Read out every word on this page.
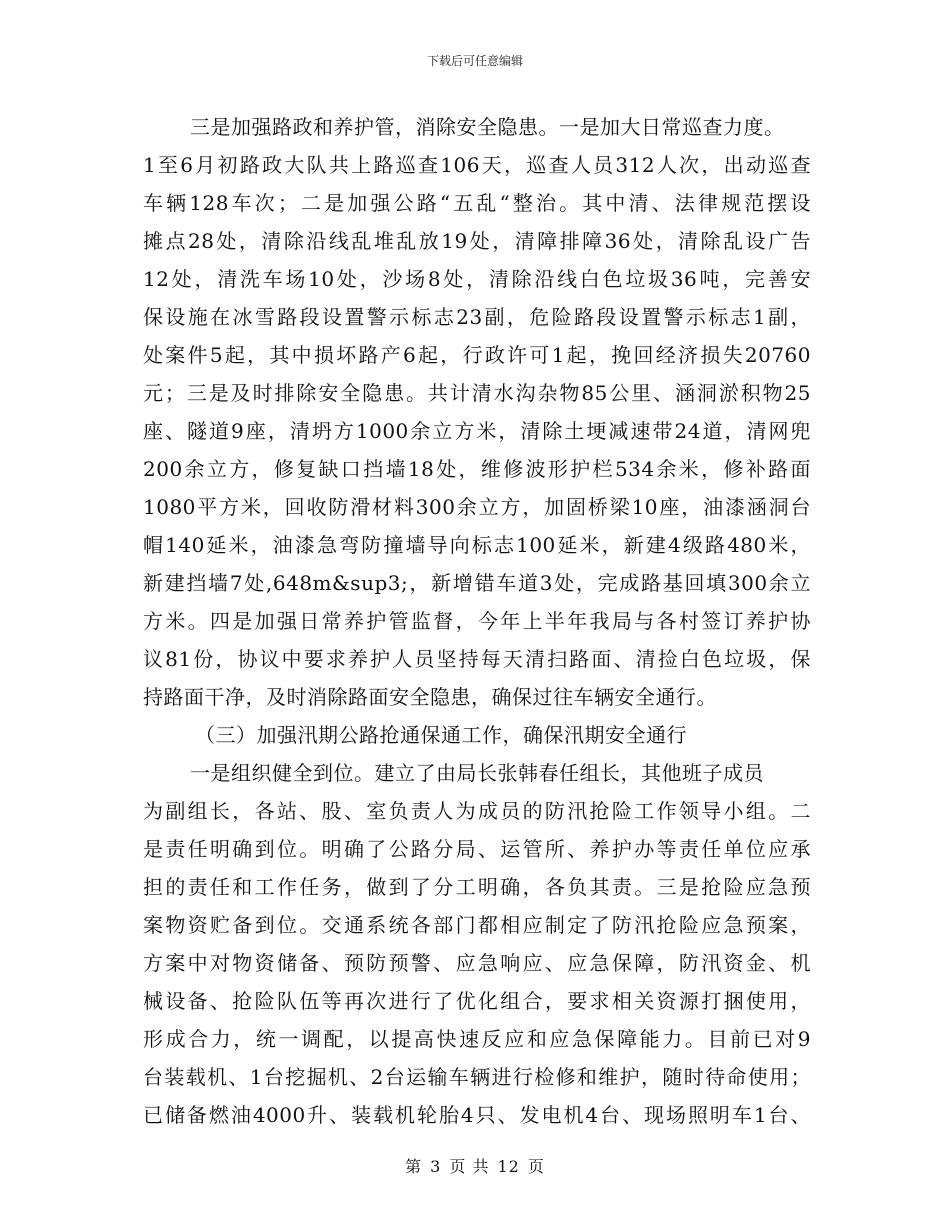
下载后可任意编辑
三是加强路政和养护管，消除安全隐患。一是加大日常巡查力度。
1至6月初路政大队共上路巡查106天，巡查人员312人次，出动巡查
车辆128车次；二是加强公路“五乱“整治。其中清、法律规范摆设
摊点28处，清除沿线乱堆乱放19处，清障排障36处，清除乱设广告
12处，清洗车场10处，沙场8处，清除沿线白色垃圾36吨，完善安
保设施在冰雪路段设置警示标志23副，危险路段设置警示标志1副，
处案件5起，其中损坏路产6起，行政许可1起，挽回经济损失20760
元；三是及时排除安全隐患。共计清水沟杂物85公里、涵洞淤积物25
座、隧道9座，清坍方1000余立方米，清除土埂减速带24道，清网兜
200余立方，修复缺口挡墙18处，维修波形护栏534余米，修补路面
1080平方米，回收防滑材料300余立方，加固桥梁10座，油漆涵洞台
帽140延米，油漆急弯防撞墙导向标志100延米，新建4级路480米，
新建挡墙7处,648m&sup3;，新增错车道3处，完成路基回填300余立
方米。四是加强日常养护管监督，今年上半年我局与各村签订养护协
议81份，协议中要求养护人员坚持每天清扫路面、清捡白色垃圾，保
持路面干净，及时消除路面安全隐患，确保过往车辆安全通行。
（三）加强汛期公路抢通保通工作，确保汛期安全通行
一是组织健全到位。建立了由局长张韩春任组长，其他班子成员
为副组长，各站、股、室负责人为成员的防汛抢险工作领导小组。二
是责任明确到位。明确了公路分局、运管所、养护办等责任单位应承
担的责任和工作任务，做到了分工明确，各负其责。三是抢险应急预
案物资贮备到位。交通系统各部门都相应制定了防汛抢险应急预案，
方案中对物资储备、预防预警、应急响应、应急保障，防汛资金、机
械设备、抢险队伍等再次进行了优化组合，要求相关资源打捆使用，
形成合力，统一调配，以提高快速反应和应急保障能力。目前已对9
台装载机、1台挖掘机、2台运输车辆进行检修和维护，随时待命使用；
已储备燃油4000升、装载机轮胎4只、发电机4台、现场照明车1台、
第 3 页 共 12 页
